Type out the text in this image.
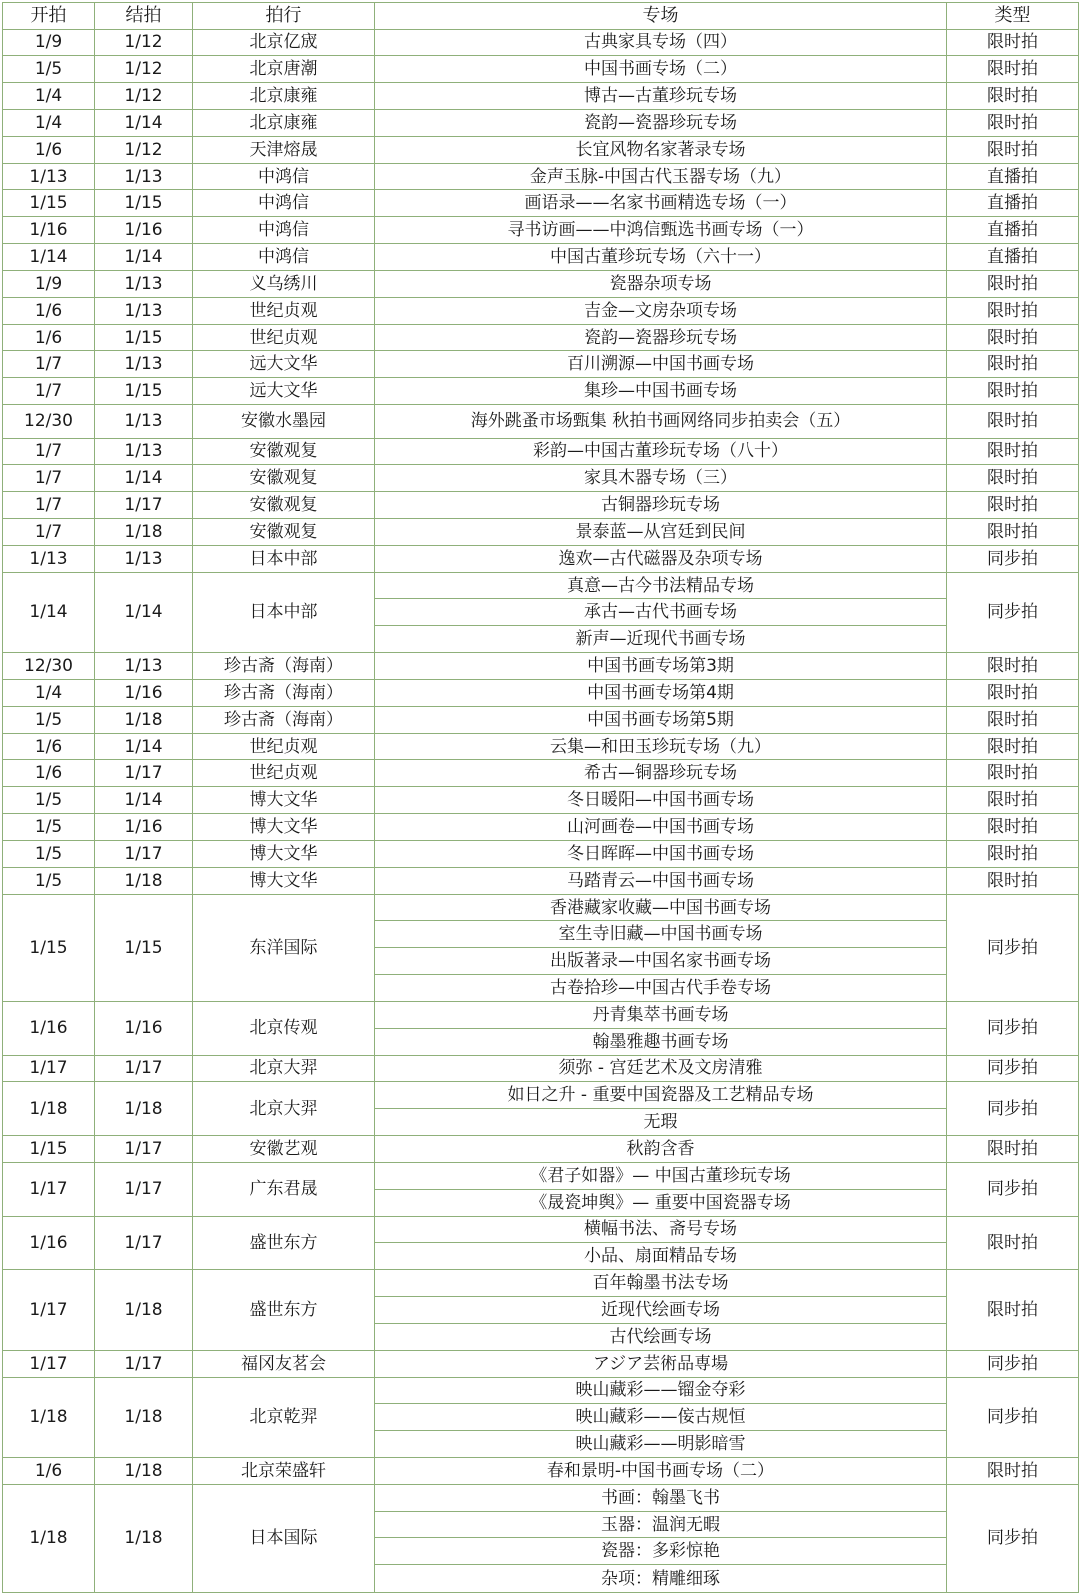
开拍	结拍	拍行	专场	类型
1/9	1/12	北京亿宬	古典家具专场（四）	限时拍
1/5	1/12	北京唐潮	中国书画专场（二）	限时拍
1/4	1/12	北京康雍	博古—古董珍玩专场	限时拍
1/4	1/14	北京康雍	瓷韵—瓷器珍玩专场	限时拍
1/6	1/12	天津熔晟	长宜风物名家著录专场	限时拍
1/13	1/13	中鸿信	金声玉脉-中国古代玉器专场（九）	直播拍
1/15	1/15	中鸿信	画语录——名家书画精选专场（一）	直播拍
1/16	1/16	中鸿信	寻书访画——中鸿信甄选书画专场（一）	直播拍
1/14	1/14	中鸿信	中国古董珍玩专场（六十一）	直播拍
1/9	1/13	义乌绣川	瓷器杂项专场	限时拍
1/6	1/13	世纪贞观	吉金—文房杂项专场	限时拍
1/6	1/15	世纪贞观	瓷韵—瓷器珍玩专场	限时拍
1/7	1/13	远大文华	百川溯源—中国书画专场	限时拍
1/7	1/15	远大文华	集珍—中国书画专场	限时拍
12/30	1/13	安徽水墨园	海外跳蚤市场甄集 秋拍书画网络同步拍卖会（五）	限时拍
1/7	1/13	安徽观复	彩韵—中国古董珍玩专场（八十）	限时拍
1/7	1/14	安徽观复	家具木器专场（三）	限时拍
1/7	1/17	安徽观复	古铜器珍玩专场	限时拍
1/7	1/18	安徽观复	景泰蓝—从宫廷到民间	限时拍
1/13	1/13	日本中部	逸欢—古代磁器及杂项专场	同步拍
1/14	1/14	日本中部	真意—古今书法精品专场	同步拍
			承古—古代书画专场	
			新声—近现代书画专场	
12/30	1/13	珍古斋（海南）	中国书画专场第3期	限时拍
1/4	1/16	珍古斋（海南）	中国书画专场第4期	限时拍
1/5	1/18	珍古斋（海南）	中国书画专场第5期	限时拍
1/6	1/14	世纪贞观	云集—和田玉珍玩专场（九）	限时拍
1/6	1/17	世纪贞观	希古—铜器珍玩专场	限时拍
1/5	1/14	博大文华	冬日暖阳—中国书画专场	限时拍
1/5	1/16	博大文华	山河画卷—中国书画专场	限时拍
1/5	1/17	博大文华	冬日晖晖—中国书画专场	限时拍
1/5	1/18	博大文华	马踏青云—中国书画专场	限时拍
1/15	1/15	东洋国际	香港藏家收藏—中国书画专场	同步拍
			室生寺旧藏—中国书画专场	
			出版著录—中国名家书画专场	
			古卷拾珍—中国古代手卷专场	
1/16	1/16	北京传观	丹青集萃书画专场	同步拍
			翰墨雅趣书画专场	
1/17	1/17	北京大羿	须弥 - 宫廷艺术及文房清雅	同步拍
1/18	1/18	北京大羿	如日之升 - 重要中国瓷器及工艺精品专场	同步拍
			无瑕	
1/15	1/17	安徽艺观	秋韵含香	限时拍
1/17	1/17	广东君晟	《君子如器》— 中国古董珍玩专场	同步拍
			《晟瓷坤舆》— 重要中国瓷器专场	
1/16	1/17	盛世东方	横幅书法、斋号专场	限时拍
			小品、扇面精品专场	
1/17	1/18	盛世东方	百年翰墨书法专场	限时拍
			近现代绘画专场	
			古代绘画专场	
1/17	1/17	福冈友茗会	アジア芸術品専場	同步拍
1/18	1/18	北京乾羿	映山藏彩——镏金夺彩	同步拍
			映山藏彩——侫古规恒	
			映山藏彩——明影暗雪	
1/6	1/18	北京荣盛轩	春和景明-中国书画专场（二）	限时拍
1/18	1/18	日本国际	书画：翰墨飞书	同步拍
			玉器：温润无暇	
			瓷器：多彩惊艳	
			杂项：精雕细琢	
